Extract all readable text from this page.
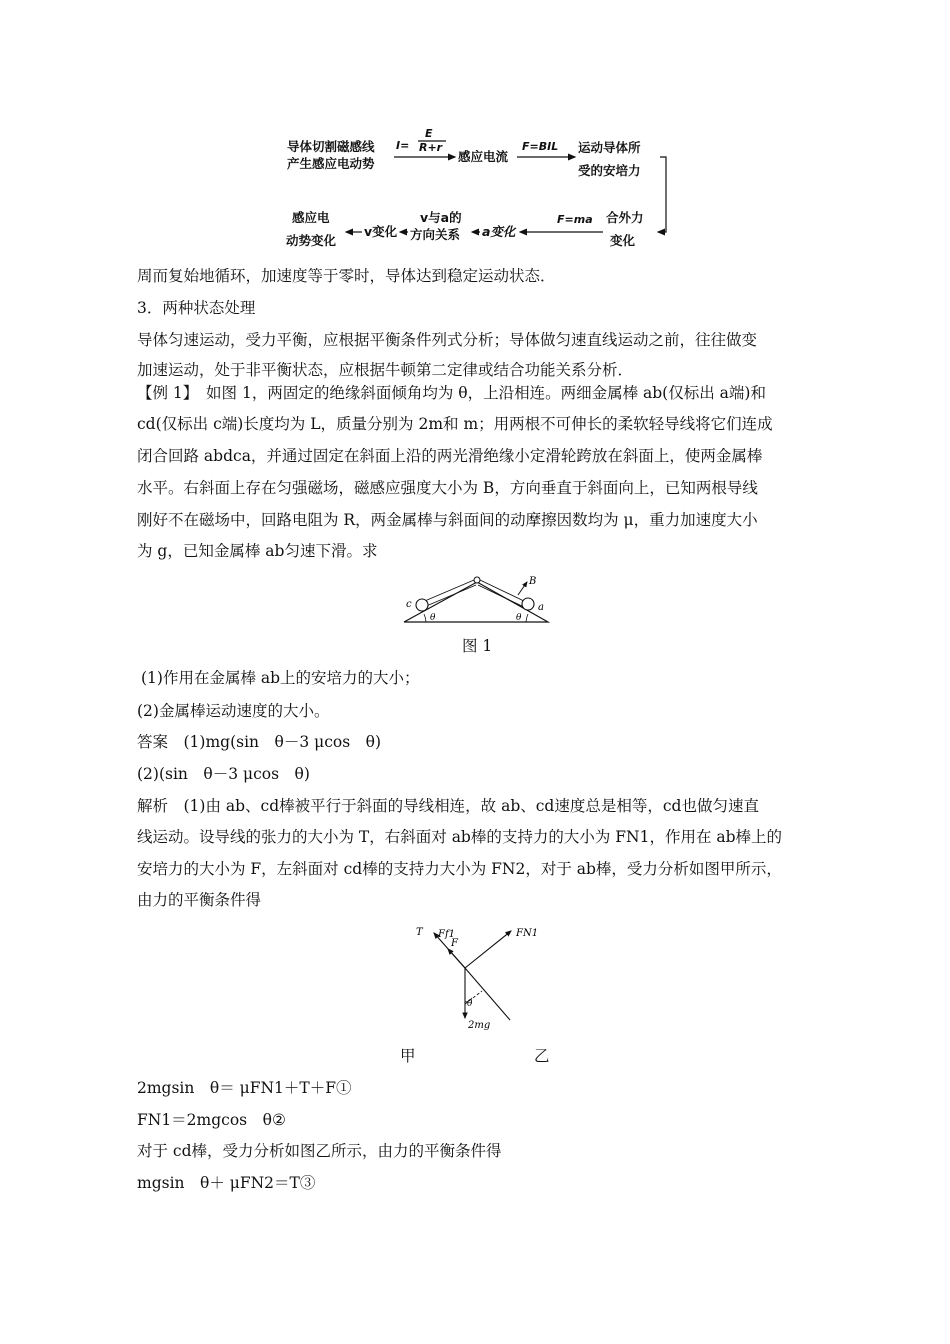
导体切割磁感线
产生感应电动势
I=
E
R+r
感应电流
F=BIL 运动导体所
受的安培力
合外力
变化
F=ma
a变化
v与a的
方向关系
v变化
感应电
动势变化
周而复始地循环，加速度等于零时，导体达到稳定运动状态．
3．两种状态处理
导体匀速运动，受力平衡，应根据平衡条件列式分析；导体做匀速直线运动之前，往往做变
加速运动，处于非平衡状态，应根据牛顿第二定律或结合功能关系分析．
【例 1】　如图 1，两固定的绝缘斜面倾角均为 θ，上沿相连。两细金属棒 ab(仅标出 a端)和
cd(仅标出 c端)长度均为 L，质量分别为 2m和 m；用两根不可伸长的柔软轻导线将它们连成
闭合回路 abdca，并通过固定在斜面上沿的两光滑绝缘小定滑轮跨放在斜面上，使两金属棒
水平。右斜面上存在匀强磁场，磁感应强度大小为 B，方向垂直于斜面向上，已知两根导线
刚好不在磁场中，回路电阻为 R，两金属棒与斜面间的动摩擦因数均为 μ，重力加速度大小
为 g，已知金属棒 ab匀速下滑。求
B
c	a
θ	θ
图 1
(1)作用在金属棒 ab上的安培力的大小；
(2)金属棒运动速度的大小。
答案　(1)mg(sin　θ－3 μcos　θ)
(2)(sin　θ－3 μcos　θ)
解析　(1)由 ab、cd棒被平行于斜面的导线相连，故 ab、cd速度总是相等，cd也做匀速直
线运动。设导线的张力的大小为 T，右斜面对 ab棒的支持力的大小为 FN1，作用在 ab棒上的
安培力的大小为 F，左斜面对 cd棒的支持力大小为 FN2，对于 ab棒，受力分析如图甲所示，
由力的平衡条件得
T Ff1
F
FN1
θ
2mg
甲	乙
2mgsin　θ＝ μFN1＋T＋F①
FN1＝2mgcos　θ②
对于 cd棒，受力分析如图乙所示，由力的平衡条件得
mgsin　θ＋ μFN2＝T③
